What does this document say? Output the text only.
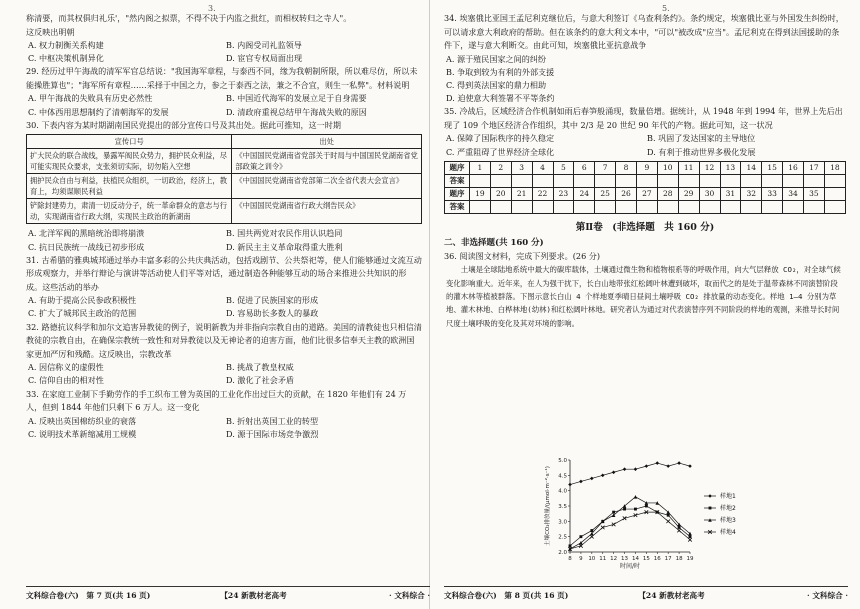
3.

称清要，而其权俱归礼乐'，"然内阁之拟票，不得不决于内监之批红，而相权转归之寺人"。

这反映出明朝

A. 权力制衡关系构建	B. 内阁受司礼监领导
C. 中枢决策机制异化	D. 宦官专权局面出现

29. 经历过甲午海战的清军军官总结说："我国海军章程，与泰西不同，缘为我朝制所限，所以难尽仿，所以未能操胜算也"；"海军所有章程……采择于中国之力，参之于泰西之法，兼之不合宜，则生一私弊"。材料说明

A. 甲午海战的失败具有历史必然性	B. 中国近代海军的发展立足于自身需要
C. 中体西用思想制约了清朝海军的发展	D. 清政府重视总结甲午海战失败的原因

30. 下表内容为某时期湖南国民党提出的部分宣传口号及其出处。据此可推知，这一时期

宣传口号	出处
扩大民众的联合战线，暴露军阀民众势力，拥护民众利益，尽可能实现民众要求，支张须切实际，切勿陷入空想	《中国国民党湖南省党部关于时局与中国国民党湖南省党部政策之训令》
拥护民众自由与利益，扶植民众组织，一切政治，经济上，教育上，均须谋顺民利益	《中国国民党湖南省党部第二次全省代表大会宣言》
铲除封建势力，肃清一切反动分子，统一革命群众的意志与行动，实现湖南省行政大纲，实现民主政治的新湖南	《中国国民党湖南省行政大纲告民众》
A. 北洋军阀的黑暗统治即将崩溃	B. 国共两党对农民作用认识趋同
C. 抗日民族统一战线已初步形成	D. 新民主主义革命取得重大胜利

31. 古希腊的雅典城邦通过举办丰富多彩的公共庆典活动，包括戏剧节、公共祭祀等，使人们能够通过文流互动形成观察力，并举行辩论与演讲等活动使人们平等对话，通过制造各种能够互动的场合来推进公共知识的形成。这些活动的举办

A. 有助于提高公民参政积极性	B. 促进了民族国家的形成
C. 扩大了城邦民主政治的范围	D. 容易助长多数人的暴政

32. 路德抗议科学和加尔文追害异教徒的例子，说明新教为并非指向宗教自由的道路。美国的清教徒也只相信清教徒的宗教自由，在确保宗教统一致性和对异教徒以及无神论者的迫害方面，他们比很多信奉天主教的欧洲国家更加严厉和残酷。这反映出，宗教改革

A. 因信称义的虚假性	B. 挑战了教皇权威
C. 信仰自由的相对性	D. 激化了社会矛盾

33. 在家庭工业制下手勤劳作的手工织布工曾为英国的工业化作出过巨大的贡献，在 1820 年他们有 24 万人，但到 1844 年他们只剩下 6 万人。这一变化

A. 反映出英国棉纺织业的衰落	B. 折射出英国工业的转型
C. 说明技术革新缩减用工规模	D. 源于国际市场竞争激烈
文科综合卷(六)　第 7 页(共 16 页)	【24 新教材老高考	· 文科综合 ·
5.

34. 埃塞俄比亚国王孟尼利克继位后，与意大利签订《乌查利条约》。条约规定，埃塞俄比亚与外国发生纠纷时，可以请求意大利政府的帮助。但在该条约的意大利文本中，"可以"被改成"应当"。孟尼利克在得到法国援助的条件下，遂与意大利断交。由此可知，埃塞俄比亚抗意战争

A. 源于殖民国家之间的纠纷
B. 争取到较为有利的外部支援
C. 得到英法国家的鼎力相助
D. 迫使意大利签署不平等条约

35. 冷战后，区域经济合作机制如雨后春笋般涌现，数量倍增。据统计，从 1948 年到 1994 年，世界上先后出现了 109 个地区经济合作组织，其中 2/3 是 20 世纪 90 年代的产物。据此可知，这一状况

A. 保障了国际秩序的持久稳定	B. 巩固了发达国家的主导地位
C. 严重阻碍了世界经济全球化	D. 有利于推动世界多极化发展
题序	1	2	3	4	5	6	7	8	9	10	11	12	13	14	15	16	17	18
答案																		
题序	19	20	21	22	23	24	25	26	27	28	29	30	31	32	33	34	35	
答案																		
第Ⅱ卷　(非选择题　共 160 分)
二、非选择题(共 160 分)

36. 阅读图文材料，完成下列要求。(26 分)

土壤是全球陆地系统中最大的碳库载体，土壤通过微生物和植物根系等的呼吸作用，向大气层释放 CO₂，对全球气候变化影响重大。近年来，在人为强干扰下，长白山地带张红松阔叶林遭到破坏，取而代之的是处于温带森林不同演替阶段的灌木林等植被群落。下图示意长白山 4 个样地夏季晴日昼间土壤呼吸 CO₂ 排放量的动态变化。样地 1—4 分别为草地、灌木林地、白桦林地(幼林)和红松阔叶林地。研究者认为通过对代表演替序列不同阶段的样地的观测，来推导长时间尺度土壤呼吸的变化及其对环境的影响。

文科综合卷(六)　第 8 页(共 16 页)	【24 新教材老高考	· 文科综合 ·
2.0
2.5
3.0
3.5
4.0
4.5
5.0
8 9 10 11 12 13 14 15 16 17 18 19
时间/时
土壤CO₂排放量/(μmol·m⁻²·s⁻¹)	样地1
样地2
样地3
样地4
